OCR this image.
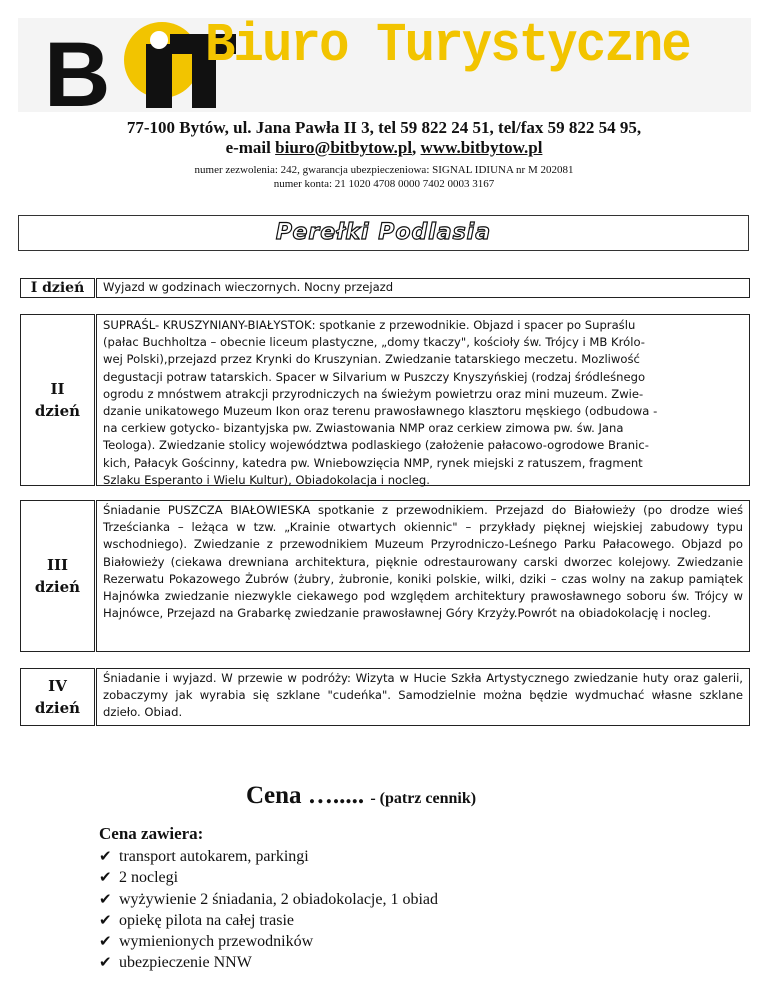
B Biuro Turystyczne
77-100 Bytów, ul. Jana Pawła II 3, tel 59 822 24 51, tel/fax 59 822 54 95,
e-mail biuro@bitbytow.pl, www.bitbytow.pl
numer zezwolenia: 242, gwarancja ubezpieczeniowa: SIGNAL IDIUNA nr M 202081
numer konta: 21 1020 4708 0000 7402 0003 3167
Perełki Podlasia
I dzień	Wyjazd w godzinach wieczornych. Nocny przejazd
II
dzień
SUPRAŚL- KRUSZYNIANY-BIAŁYSTOK: spotkanie z przewodnikie. Objazd i spacer po Supraślu
(pałac Buchholtza – obecnie liceum plastyczne, „domy tkaczy", kościoły św. Trójcy i MB Królo-
wej Polski),przejazd przez Krynki do Kruszynian. Zwiedzanie tatarskiego meczetu. Mozliwość
degustacji potraw tatarskich. Spacer w Silvarium w Puszczy Knyszyńskiej (rodzaj śródleśnego
ogrodu z mnóstwem atrakcji przyrodniczych na świeżym powietrzu oraz mini muzeum. Zwie-
dzanie unikatowego Muzeum Ikon oraz terenu prawosławnego klasztoru męskiego (odbudowa -
na cerkiew gotycko- bizantyjska pw. Zwiastowania NMP oraz cerkiew zimowa pw. św. Jana
Teologa). Zwiedzanie stolicy województwa podlaskiego (założenie pałacowo-ogrodowe Branic-
kich, Pałacyk Gościnny, katedra pw. Wniebowzięcia NMP, rynek miejski z ratuszem, fragment
Szlaku Esperanto i Wielu Kultur), Obiadokolacja i nocleg.
III
dzień
Śniadanie PUSZCZA BIAŁOWIESKA spotkanie z przewodnikiem. Przejazd do Białowieży (po drodze wieś Trześcianka – leżąca w tzw. „Krainie otwartych okiennic" – przykłady pięknej wiejskiej zabudowy typu wschodniego). Zwiedzanie z przewodnikiem Muzeum Przyrodniczo-Leśnego Parku Pałacowego. Objazd po Białowieży (ciekawa drewniana architektura, pięknie odrestaurowany carski dworzec kolejowy. Zwiedzanie Rezerwatu Pokazowego Żubrów (żubry, żubronie, koniki polskie, wilki, dziki – czas wolny na zakup pamiątek Hajnówka zwiedzanie niezwykle ciekawego pod względem architektury prawosławnego soboru św. Trójcy w Hajnówce, Przejazd na Grabarkę zwiedzanie prawosławnej Góry Krzyży.Powrót na obiadokolację i nocleg.
IV
dzień
Śniadanie i wyjazd. W przewie w podróży: Wizyta w Hucie Szkła Artystycznego zwiedzanie huty oraz galerii, zobaczymy jak wyrabia się szklane "cudeńka". Samodzielnie można będzie wydmuchać własne szklane dzieło. Obiad.
Cena …..... - (patrz cennik)
Cena zawiera:
✔ transport autokarem, parkingi
✔ 2 noclegi
✔ wyżywienie 2 śniadania, 2 obiadokolacje, 1 obiad
✔ opiekę pilota na całej trasie
✔ wymienionych przewodników
✔ ubezpieczenie NNW
